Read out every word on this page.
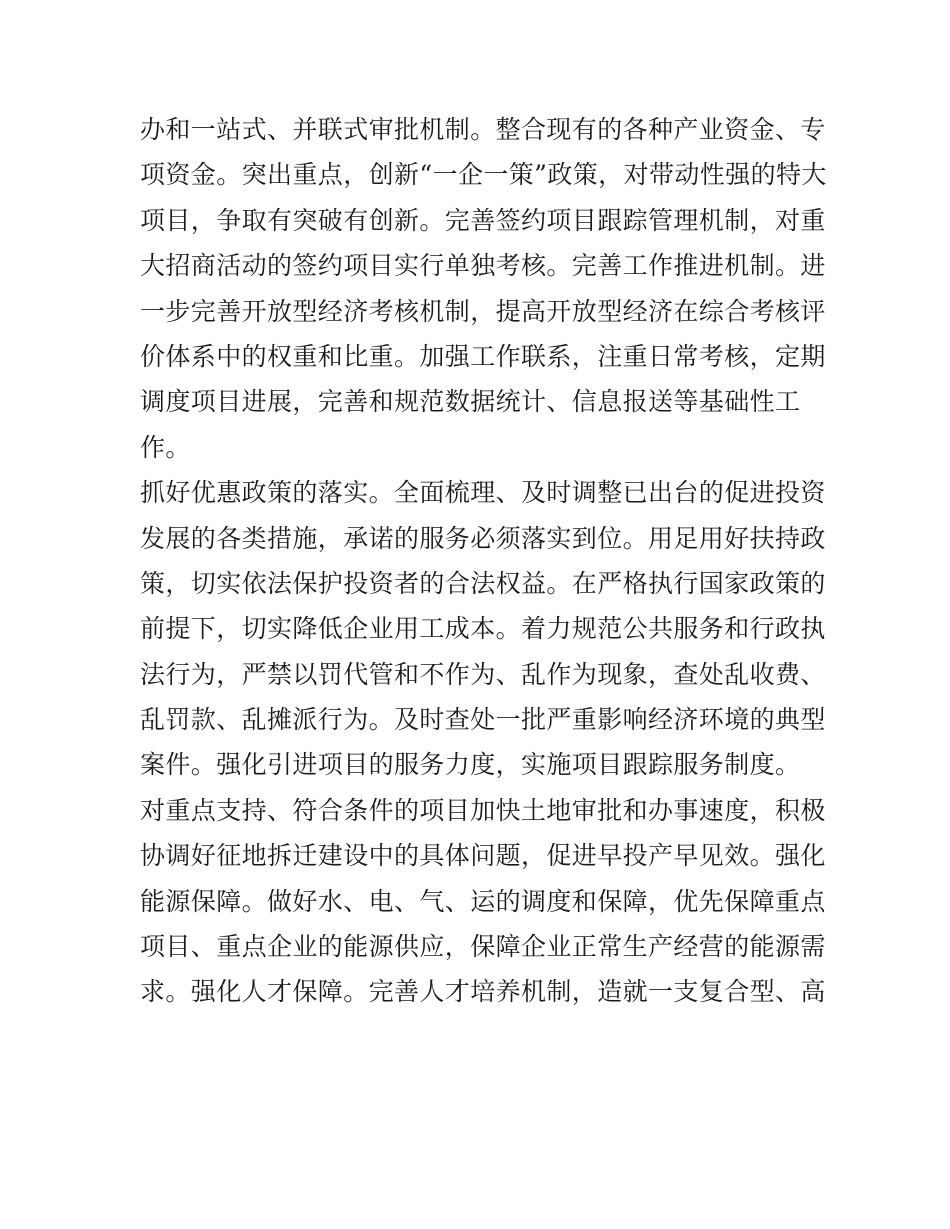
办和一站式、并联式审批机制。整合现有的各种产业资金、专
项资金。突出重点，创新“一企一策”政策，对带动性强的特大
项目，争取有突破有创新。完善签约项目跟踪管理机制，对重
大招商活动的签约项目实行单独考核。完善工作推进机制。进
一步完善开放型经济考核机制，提高开放型经济在综合考核评
价体系中的权重和比重。加强工作联系，注重日常考核，定期
调度项目进展，完善和规范数据统计、信息报送等基础性工
作。
抓好优惠政策的落实。全面梳理、及时调整已出台的促进投资
发展的各类措施，承诺的服务必须落实到位。用足用好扶持政
策，切实依法保护投资者的合法权益。在严格执行国家政策的
前提下，切实降低企业用工成本。着力规范公共服务和行政执
法行为，严禁以罚代管和不作为、乱作为现象，查处乱收费、
乱罚款、乱摊派行为。及时查处一批严重影响经济环境的典型
案件。强化引进项目的服务力度，实施项目跟踪服务制度。
对重点支持、符合条件的项目加快土地审批和办事速度，积极
协调好征地拆迁建设中的具体问题，促进早投产早见效。强化
能源保障。做好水、电、气、运的调度和保障，优先保障重点
项目、重点企业的能源供应，保障企业正常生产经营的能源需
求。强化人才保障。完善人才培养机制，造就一支复合型、高
